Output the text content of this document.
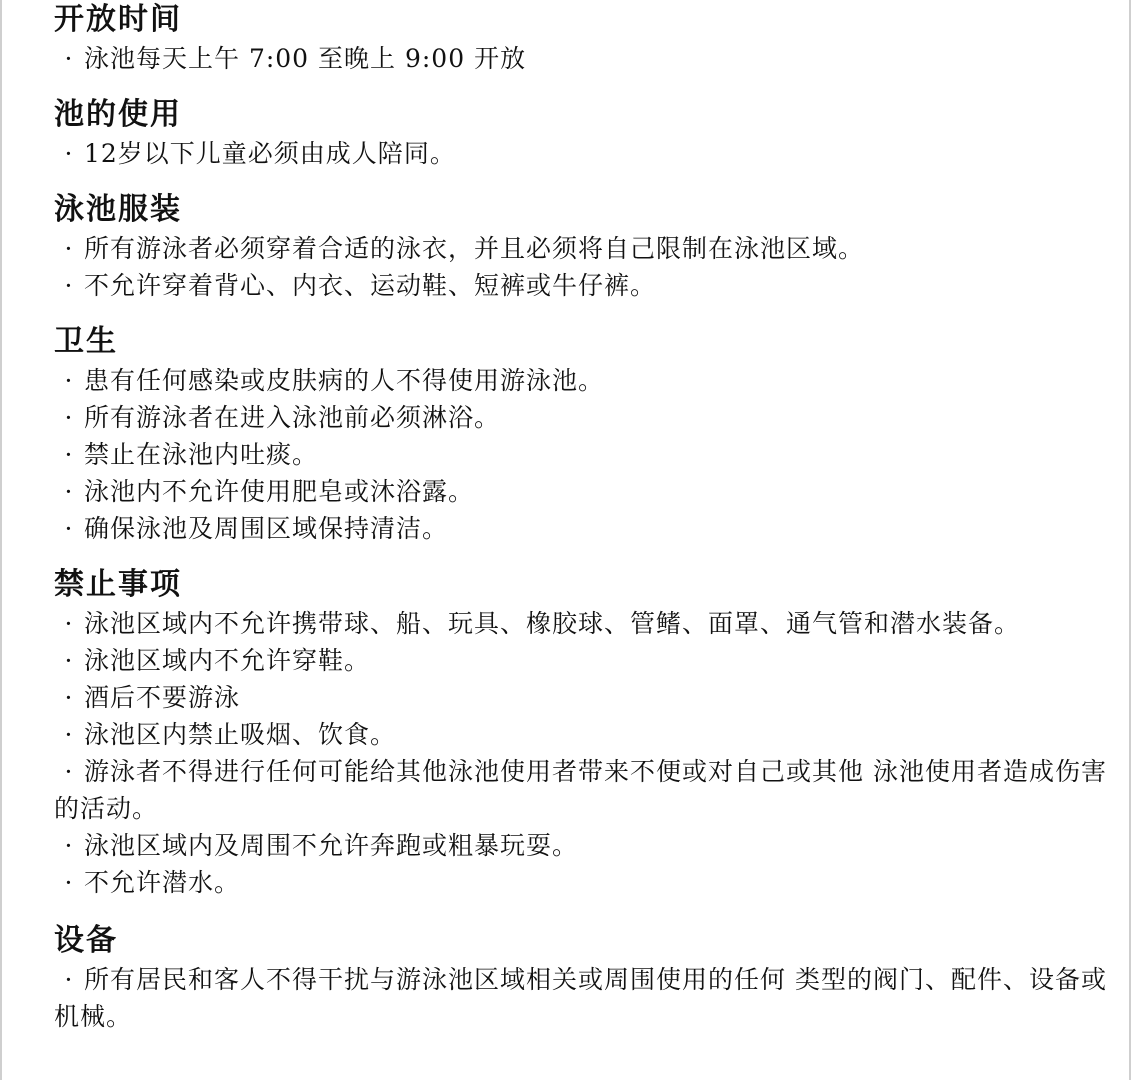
开放时间
· 泳池每天上午 7:00 至晚上 9:00 开放
池的使用
· 12岁以下儿童必须由成人陪同。
泳池服装
· 所有游泳者必须穿着合适的泳衣，并且必须将自己限制在泳池区域。
· 不允许穿着背心、内衣、运动鞋、短裤或牛仔裤。
卫生
· 患有任何感染或皮肤病的人不得使用游泳池。
· 所有游泳者在进入泳池前必须淋浴。
· 禁止在泳池内吐痰。
· 泳池内不允许使用肥皂或沐浴露。
· 确保泳池及周围区域保持清洁。
禁止事项
· 泳池区域内不允许携带球、船、玩具、橡胶球、管鳍、面罩、通气管和潜水装备。
· 泳池区域内不允许穿鞋。
· 酒后不要游泳
· 泳池区内禁止吸烟、饮食。
· 游泳者不得进行任何可能给其他泳池使用者带来不便或对自己或其他 泳池使用者造成伤害的活动。
· 泳池区域内及周围不允许奔跑或粗暴玩耍。
· 不允许潜水。
设备
· 所有居民和客人不得干扰与游泳池区域相关或周围使用的任何 类型的阀门、配件、设备或机械。
